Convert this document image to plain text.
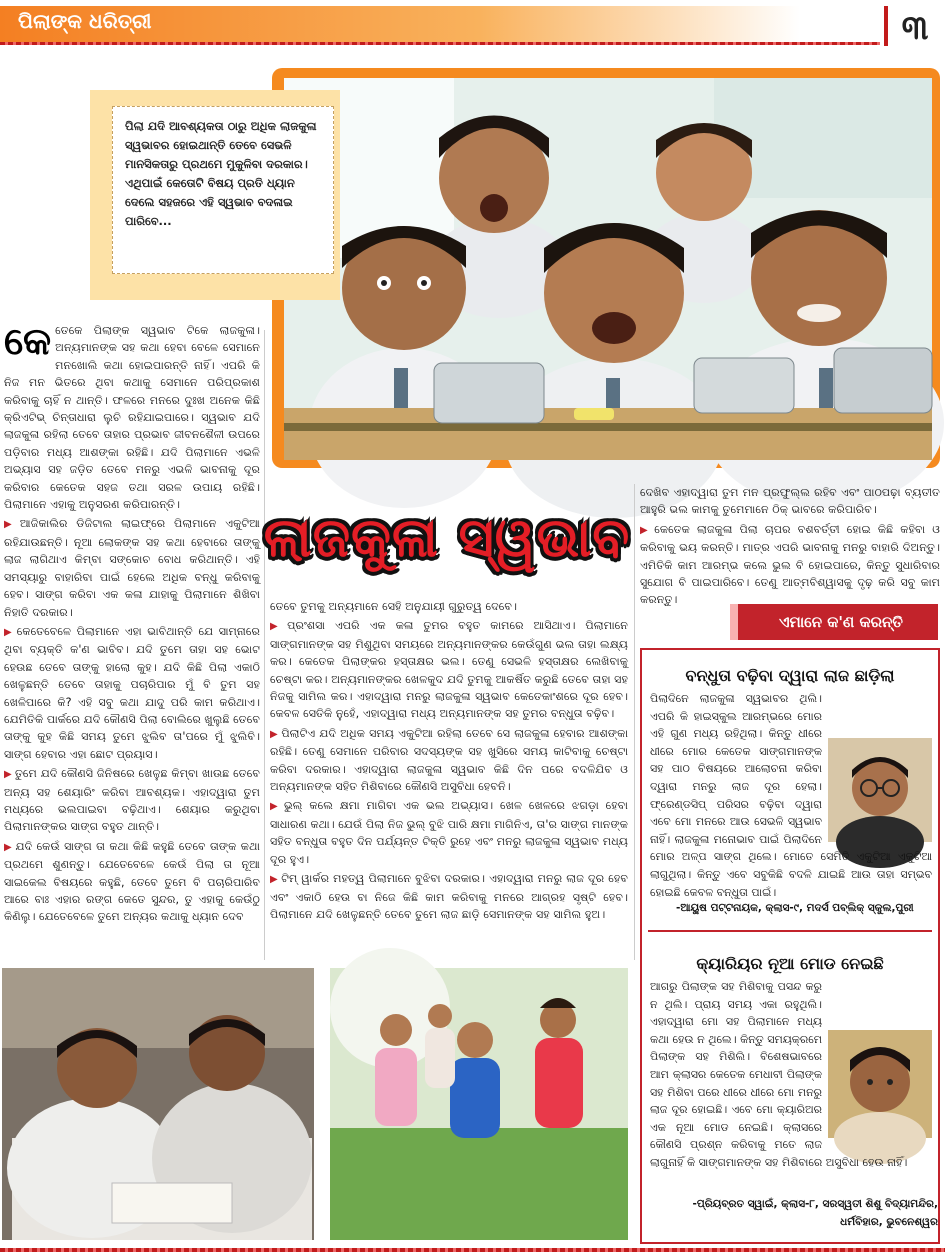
ପିଲାଙ୍କ ଧରିତ୍ରୀ	୩
ପିଲା ଯଦି ଆବଶ୍ୟକତା ଠାରୁ ଅଧିକ ଲାଜକୁଳା ସ୍ୱଭାବର ହୋଇଥାନ୍ତି ତେବେ ସେଭଳି ମାନସିକତାରୁ ପ୍ରଥମେ ମୁକୁଳିବା ଦରକାର। ଏଥିପାଇଁ କେତୋଟି ବିଷୟ ପ୍ରତି ଧ୍ୟାନ ଦେଲେ ସହଜରେ ଏହି ସ୍ୱଭାବ ବଦଳାଇ ପାରିବେ...

କେତେକେ ପିଲାଙ୍କ ସ୍ୱଭାବ ଟିକେ ଲାଜକୁଳା। ଅନ୍ୟମାନଙ୍କ ସହ କଥା ହେବା ବେଳେ ସେମାନେ ମନଖୋଲି କଥା ହୋଇପାରନ୍ତି ନାହିଁ। ଏପରି କି ନିଜ ମନ ଭିତରେ ଥିବା କଥାକୁ ସେମାନେ ପରିପ୍ରକାଶ କରିବାକୁ ଚାହିଁ ନ ଥାନ୍ତି। ଫଳରେ ମନରେ ଦୁଃଖ ଅନେକ କିଛି କ୍ରିଏଟିଭ୍ ଚିନ୍ତାଧାରା ଲୁଚି ରହିଯାଇପାରେ। ସ୍ୱଭାବ ଯଦି ଲାଜକୁଳା ରହିଲା ତେବେ ତାହାର ପ୍ରଭାବ ଜୀବନଶୈଳୀ ଉପରେ ପଡ଼ିବାର ମଧ୍ୟ ଆଶଙ୍କା ରହିଛି। ଯଦି ପିଲାମାନେ ଏଭଳି ଅଭ୍ୟାସ ସହ ଜଡ଼ିତ ତେବେ ମନରୁ ଏଭଳି ଭାବନାକୁ ଦୂର କରିବାର କେତେକ ସହଜ ତଥା ସରଳ ଉପାୟ ରହିଛି। ପିଲାମାନେ ଏହାକୁ ଅନୁସରଣ କରିପାରନ୍ତି।

▶ ଆଜିକାଲିର ଡିଜିଟାଲ ଲାଇଫ୍‌ରେ ପିଲାମାନେ ଏକୁଟିଆ ରହିଯାଉଛନ୍ତି। ନୂଆ ଲୋକଙ୍କ ସହ କଥା ହେବାରେ ତାଙ୍କୁ ଲାଜ ଲାଗିଥାଏ କିମ୍ବା ସଙ୍କୋଚ ବୋଧ କରିଥାନ୍ତି। ଏହି ସମସ୍ୟାରୁ ବାହାରିବା ପାଇଁ ହେଲେ ଅଧିକ ବନ୍ଧୁ କରିବାକୁ ହେବ। ସାଙ୍ଗ କରିବା ଏକ କଳା ଯାହାକୁ ପିଲାମାନେ ଶିଖିବା ନିହାତି ଦରକାର।

▶ କେତେବେଳେ ପିଲାମାନେ ଏହା ଭାବିଥାନ୍ତି ଯେ ସାମ୍ନାରେ ଥିବା ବ୍ୟକ୍ତି କ'ଣ ଭାବିବ। ଯଦି ତୁମେ ତାହା ସହ ଭୋଟ ହେଉଛ ତେବେ ତାଙ୍କୁ ହାଲୋ କୁହ। ଯଦି କିଛି ପିଲା ଏକାଠି ଖେଳୁଛନ୍ତି ତେବେ ତାହାକୁ ପଚାରିପାର ମୁଁ ବି ତୁମ ସହ ଖେଳିପାରେ କି? ଏହି ସବୁ କଥା ଯାଦୁ ପରି କାମ କରିଥାଏ। ଯେମିତିକି ପାର୍କରେ ଯଦି କୌଣସି ପିଲା ବୋଲିରେ ଖୁଲୁଛି ତେବେ ତାଙ୍କୁ କୁହ କିଛି ସମୟ ତୁମେ ଝୁଲିବ ତା'ପରେ ମୁଁ ଝୁଲିବି। ସାଙ୍ଗ ହେବାର ଏହା ଛୋଟ ପ୍ରୟାସ।

▶ ତୁମେ ଯଦି କୌଣସି ଜିନିଷରେ ଖେଳୁଛ କିମ୍ବା ଖାଉଛ ତେବେ ଅନ୍ୟ ସହ ଶେୟାରିଂ କରିବା ଆବଶ୍ୟକ। ଏହାଦ୍ୱାରା ତୁମ ମଧ୍ୟରେ ଭଲପାଇବା ବଢ଼ିଥାଏ। ଶେୟାର କରୁଥିବା ପିଲାମାନଙ୍କର ସାଙ୍ଗ ବହୁତ ଥାନ୍ତି।

▶ ଯଦି କେଉଁ ସାଙ୍ଗ ତା କଥା କିଛି କହୁଛି ତେବେ ତାଙ୍କ କଥା ପ୍ରଥମେ ଶୁଣନ୍ତୁ। ଯେତେବେଳେ କେଉଁ ପିଲା ତା ନୂଆ ସାଇକେଲ ବିଷୟରେ କହୁଛି, ତେବେ ତୁମେ ବି ପଚାରିପାରିବ ଆରେ ବାଃ ଏହାର ରଙ୍ଗ କେତେ ସୁନ୍ଦର, ତୁ ଏହାକୁ କେଉଁଠୁ କିଣିଲୁ। ଯେତେବେଳେ ତୁମେ ଅନ୍ୟର କଥାକୁ ଧ୍ୟାନ ଦେବ

ଲାଜକୁଳା ସ୍ୱଭାବ

ତେବେ ତୁମକୁ ଅନ୍ୟମାନେ ସେହି ଅନୁଯାୟୀ ଗୁରୁତ୍ୱ ଦେବେ।

▶ ପ୍ରଂଶସା ଏପରି ଏକ କଳା ତୁମର ବହୁତ କାମରେ ଆସିଥାଏ। ପିଲାମାନେ ସାଙ୍ଗମାନଙ୍କ ସହ ମିଶୁଥିବା ସମୟରେ ଅନ୍ୟମାନଙ୍କର କେଉଁଗୁଣ ଭଲ ତାହା ଲକ୍ଷ୍ୟ କର। କେତେକ ପିଲାଙ୍କର ହସ୍ତାକ୍ଷର ଭଲ। ତେଣୁ ସେଭଳି ହସ୍ତାକ୍ଷର ଲେଖିବାକୁ ଚେଷ୍ଟା କର। ଅନ୍ୟମାନଙ୍କର ଖେଳକୁଦ ଯଦି ତୁମକୁ ଆକର୍ଷିତ କରୁଛି ତେବେ ତାହା ସହ ନିଜକୁ ସାମିଲ କର। ଏହାଦ୍ୱାରା ମନରୁ ଲାଜକୁଳା ସ୍ୱଭାବ କେତେକାଂଶରେ ଦୂର ହେବ। କେବଳ ସେତିକି ନୁହେଁ, ଏହାଦ୍ୱାରା ମଧ୍ୟ ଅନ୍ୟମାନଙ୍କ ସହ ତୁମର ବନ୍ଧୁତା ବଢ଼ିବ।

▶ ପିଲାଟିଏ ଯଦି ଅଧିକ ସମୟ ଏକୁଟିଆ ରହିଲା ତେବେ ସେ ଲାଜକୁଳା ହେବାର ଆଶଙ୍କା ରହିଛି। ତେଣୁ ସେମାନେ ପରିବାର ସଦସ୍ୟଙ୍କ ସହ ଖୁସିରେ ସମୟ କାଟିବାକୁ ଚେଷ୍ଟା କରିବା ଦରକାର। ଏହାଦ୍ୱାରା ଲାଜକୁଳା ସ୍ୱଭାବ କିଛି ଦିନ ପରେ ବଦଳିଯିବ ଓ ଅନ୍ୟମାନଙ୍କ ସହିତ ମିଶିବାରେ କୌଣସି ଅସୁବିଧା ହେବନି।

▶ ଭୁଲ୍ କଲେ କ୍ଷମା ମାଗିବା ଏକ ଭଲ ଅଭ୍ୟାସ। ଖେଳ ଖେଳରେ ଝଗଡ଼ା ହେବା ସାଧାରଣ କଥା। ଯେଉଁ ପିଲା ନିଜ ଭୁଲ୍ ବୁଝି ପାରି କ୍ଷମା ମାଗିନିଏ, ତା'ର ସାଙ୍ଗ ମାନଙ୍କ ସହିତ ବନ୍ଧୁତା ବହୁତ ଦିନ ପର୍ଯ୍ୟନ୍ତ ଟିକ୍ତି ରୁହେ ଏବଂ ମନରୁ ଲାଜକୁଳା ସ୍ୱଭାବ ମଧ୍ୟ ଦୂର ହୁଏ।

▶ ଟିମ୍ ୱାର୍କର ମହତ୍ୱ ପିଲାମାନେ ବୁଝିବା ଦରକାର। ଏହାଦ୍ୱାରା ମନରୁ ଲାଜ ଦୂର ହେବ ଏବଂ ଏକାଠି ହେଉ ବା ନିଜେ କିଛି କାମ କରିବାକୁ ମନରେ ଆଗ୍ରହ ସୃଷ୍ଟି ହେବ। ପିଲାମାନେ ଯଦି ଖେଳୁଛନ୍ତି ତେବେ ତୁମେ ଲାଜ ଛାଡ଼ି ସେମାନଙ୍କ ସହ ସାମିଲ ହୁଅ।

ଦେଖିବ ଏହାଦ୍ୱାରା ତୁମ ମନ ପ୍ରଫୁଲ୍ଲ ରହିବ ଏବଂ ପାଠପଢ଼ା ବ୍ୟତୀତ ଆହୁରି ଭଲ କାମକୁ ତୁମେମାନେ ଠିକ୍ ଭାବରେ କରିପାରିବ।

▶ କେତେକ ଲାଜକୁଳା ପିଲା ଚାପର ବଶବର୍ତ୍ତୀ ହୋଇ କିଛି କହିବା ଓ କରିବାକୁ ଭୟ କରନ୍ତି। ମାତ୍ର ଏପରି ଭାବନାକୁ ମନରୁ ବାହାରି ଦିଅନ୍ତୁ। ଏମିତିକି କାମ ଆରମ୍ଭ କଲେ ଭୁଲ ବି ହୋଇପାରେ, କିନ୍ତୁ ସୁଧାରିବାର ସୁଯୋଗ ବି ପାଇପାରିବେ। ତେଣୁ ଆତ୍ମବିଶ୍ୱାସକୁ ଦୃଢ଼ କରି ସବୁ କାମ କରନ୍ତୁ।

ଏମାନେ କ'ଣ କରନ୍ତି
ବନ୍ଧୁତା ବଢ଼ିବା ଦ୍ୱାରା ଲାଜ ଛାଡ଼ିଲା
ପିଲାଦିନେ ଲାଜକୁଳା ସ୍ୱଭାବର ଥିଲି। ଏପରି କି ହାଇସ୍କୁଲ ଆରମ୍ଭରେ ମୋର ଏହି ଗୁଣ ମଧ୍ୟ ରହିଥିଲା। କିନ୍ତୁ ଧୀରେ ଧୀରେ ମୋର କେତେକ ସାଙ୍ଗମାନଙ୍କ ସହ ପାଠ ବିଷୟରେ ଆଲୋଚନା କରିବା ଦ୍ୱାରା ମନରୁ ଲାଜ ଦୂର ହେଲା। ଫ୍ରେଣ୍ଡସିପ୍ ପରିସର ବଢ଼ିବା ଦ୍ୱାରା ଏବେ ମୋ ମନରେ ଆଉ ସେଭଳି ସ୍ୱଭାବ ନାହିଁ। ଲାଜକୁଳା ମନୋଭାବ ପାଇଁ ପିଲାଦିନେ ମୋର ଅଳ୍ପ ସାଙ୍ଗ ଥିଲେ। ମୋତେ ସେମିତି ଏକୁଟିଆ ଏକୁଟିଆ ଲାଗୁଥିଲା। କିନ୍ତୁ ଏବେ ସବୁକିଛି ବଦଳି ଯାଇଛି ଆଉ ତାହା ସମ୍ଭବ ହୋଇଛି କେବଳ ବନ୍ଧୁତା ପାଇଁ।
-ଆୟୁଷ ପଟ୍ଟନାୟକ, କ୍ଲାସ-୯, ମଦର୍ସ ପବ୍ଲିକ୍ ସ୍କୁଲ,ପୁରୀ
କ୍ୟାରିୟର ନୂଆ ମୋଡ ନେଇଛି
ଆଗରୁ ପିଲାଙ୍କ ସହ ମିଶିବାକୁ ପସନ୍ଦ କରୁ ନ ଥିଲି। ପ୍ରାୟ ସମୟ ଏକା ରହୁଥିଲି। ଏହାଦ୍ୱାରା ମୋ ସହ ପିଲାମାନେ ମଧ୍ୟ କଥା ହେଉ ନ ଥିଲେ। କିନ୍ତୁ ସମୟକ୍ରମେ ପିଲାଙ୍କ ସହ ମିଶିଲି। ବିଶେଷଭାବରେ ଆମ କ୍ଲାସର କେତେକ ମେଧାବୀ ପିଲାଙ୍କ ସହ ମିଶିବା ପରେ ଧୀରେ ଧୀରେ ମୋ ମନରୁ ଲାଜ ଦୂର ହୋଇଛି। ଏବେ ମୋ କ୍ୟାରିଅର ଏକ ନୂଆ ମୋଡ ନେଇଛି। କ୍ଲାସରେ କୌଣସି ପ୍ରଶ୍ନ କରିବାକୁ ମତେ ଲାଜ ଲାଗୁନାହିଁ କି ସାଙ୍ଗମାନଙ୍କ ସହ ମିଶିବାରେ ଅସୁବିଧା ହେଉ ନାହିଁ।
-ପ୍ରିୟବ୍ରତ ସ୍ୱାଇଁ, କ୍ଲାସ-୮, ସରସ୍ୱତୀ ଶିଶୁ ବିଦ୍ୟାମନ୍ଦିର,
ଧର୍ମବିହାର, ଭୁବନେଶ୍ୱର
